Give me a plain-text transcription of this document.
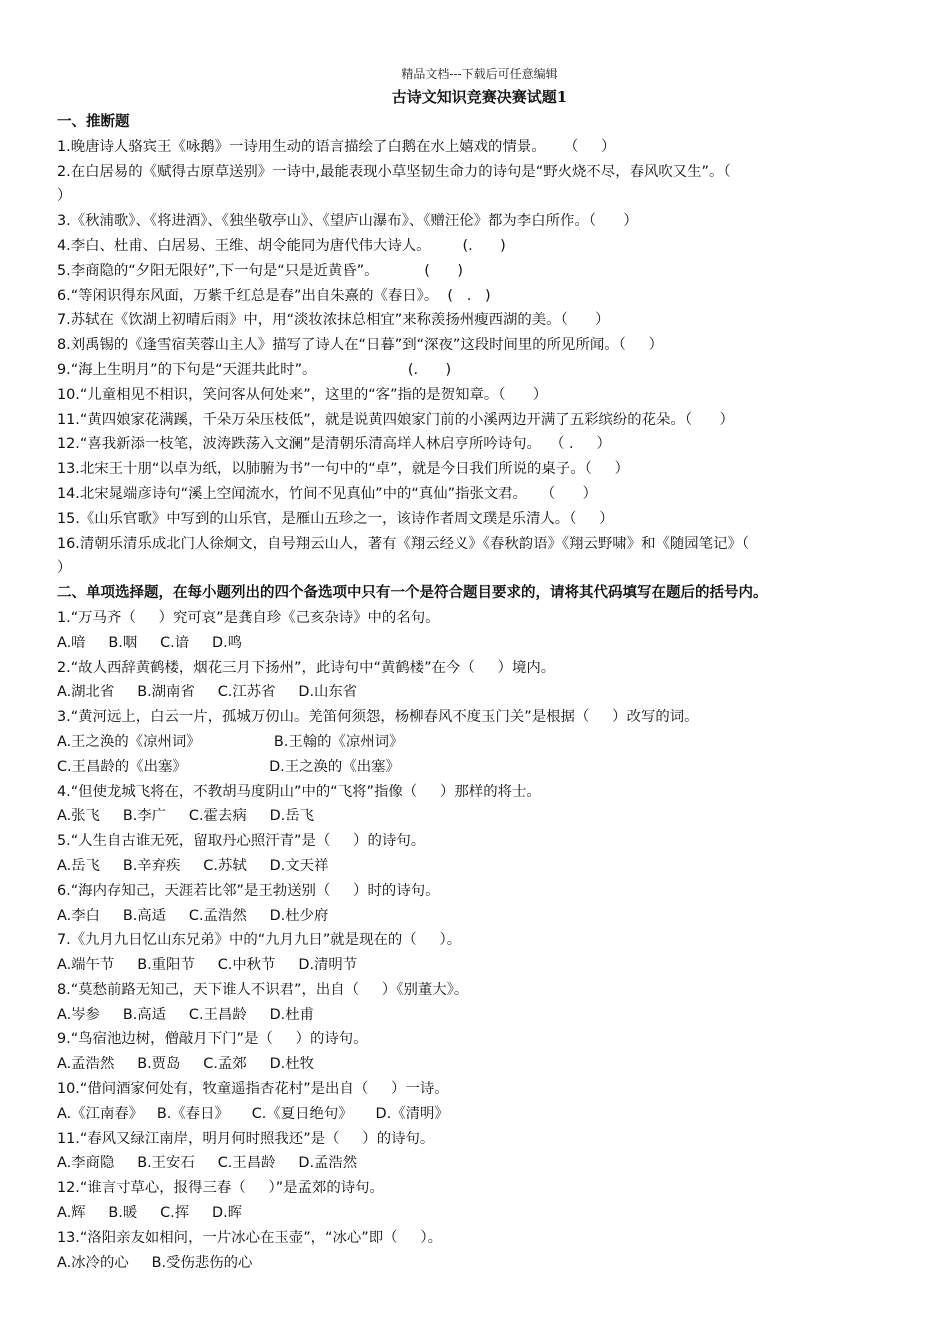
精品文档---下载后可任意编辑
古诗文知识竞赛决赛试题1
一、推断题
1.晚唐诗人骆宾王《咏鹅》一诗用生动的语言描绘了白鹅在水上嬉戏的情景。    （     ）
2.在白居易的《赋得古原草送别》一诗中,最能表现小草坚韧生命力的诗句是“野火烧不尽，春风吹又生”。（
）
3.《秋浦歌》、《将进酒》、《独坐敬亭山》、《望庐山瀑布》、《赠汪伦》都为李白所作。（      ）
4.李白、杜甫、白居易、王维、胡令能同为唐代伟大诗人。       (.      )
5.李商隐的“夕阳无限好”,下一句是“只是近黄昏”。          (      )
6.“等闲识得东风面，万紫千红总是春”出自朱熹的《春日》。  (   .   )
7.苏轼在《饮湖上初晴后雨》中，用“淡妆浓抹总相宜”来称羡扬州瘦西湖的美。（      ）
8.刘禹锡的《逢雪宿芙蓉山主人》描写了诗人在“日暮”到“深夜”这段时间里的所见所闻。（     ）
9.“海上生明月”的下句是“天涯共此时”。                    (.      )
10.“儿童相见不相识，笑问客从何处来”，这里的“客”指的是贺知章。（      ）
11.“黄四娘家花满蹊，千朵万朵压枝低”，就是说黄四娘家门前的小溪两边开满了五彩缤纷的花朵。（      ）
12.“喜我新添一枝笔，波涛跌荡入文澜”是清朝乐清高垟人林启亨所吟诗句。  （ .     ）
13.北宋王十朋“以卓为纸，以肺腑为书”一句中的“卓”，就是今日我们所说的桌子。（     ）
14.北宋晁端彦诗句“溪上空闻流水，竹间不见真仙”中的“真仙”指张文君。   （      ）
15.《山乐官歌》中写到的山乐官，是雁山五珍之一，该诗作者周文璞是乐清人。（     ）
16.清朝乐清乐成北门人徐炯文，自号翔云山人，著有《翔云经义》《春秋韵语》《翔云野啸》和《随园笔记》（
）
二、单项选择题，在每小题列出的四个备选项中只有一个是符合题目要求的，请将其代码填写在题后的括号内。
1.“万马齐（     ）究可哀”是龚自珍《己亥杂诗》中的名句。
A.喑     B.咽     C.谙     D.鸣
2.“故人西辞黄鹤楼，烟花三月下扬州”，此诗句中“黄鹤楼”在今（     ）境内。
A.湖北省     B.湖南省     C.江苏省     D.山东省
3.“黄河远上，白云一片，孤城万仞山。羌笛何须怨，杨柳春风不度玉门关”是根据（     ）改写的词。
A.王之涣的《凉州词》                B.王翰的《凉州词》
C.王昌龄的《出塞》                  D.王之涣的《出塞》
4.“但使龙城飞将在，不教胡马度阴山”中的“飞将”指像（     ）那样的将士。
A.张飞     B.李广     C.霍去病     D.岳飞
5.“人生自古谁无死，留取丹心照汗青”是（     ）的诗句。
A.岳飞     B.辛弃疾     C.苏轼     D.文天祥
6.“海内存知己，天涯若比邻”是王勃送别（     ）时的诗句。
A.李白     B.高适     C.孟浩然     D.杜少府
7.《九月九日忆山东兄弟》中的“九月九日”就是现在的（     ）。
A.端午节     B.重阳节     C.中秋节     D.清明节
8.“莫愁前路无知己，天下谁人不识君”，出自（     ）《别董大》。
A.岑参     B.高适     C.王昌龄     D.杜甫
9.“鸟宿池边树，僧敲月下门”是（     ）的诗句。
A.孟浩然     B.贾岛     C.孟郊     D.杜牧
10.“借问酒家何处有，牧童遥指杏花村”是出自（     ）一诗。
A.《江南春》   B.《春日》     C.《夏日绝句》     D.《清明》
11.“春风又绿江南岸，明月何时照我还”是（     ）的诗句。
A.李商隐     B.王安石     C.王昌龄     D.孟浩然
12.“谁言寸草心，报得三春（     ）”是孟郊的诗句。
A.辉     B.暖     C.挥     D.晖
13.“洛阳亲友如相问，一片冰心在玉壶”，“冰心”即（     ）。
A.冰冷的心     B.受伤悲伤的心
